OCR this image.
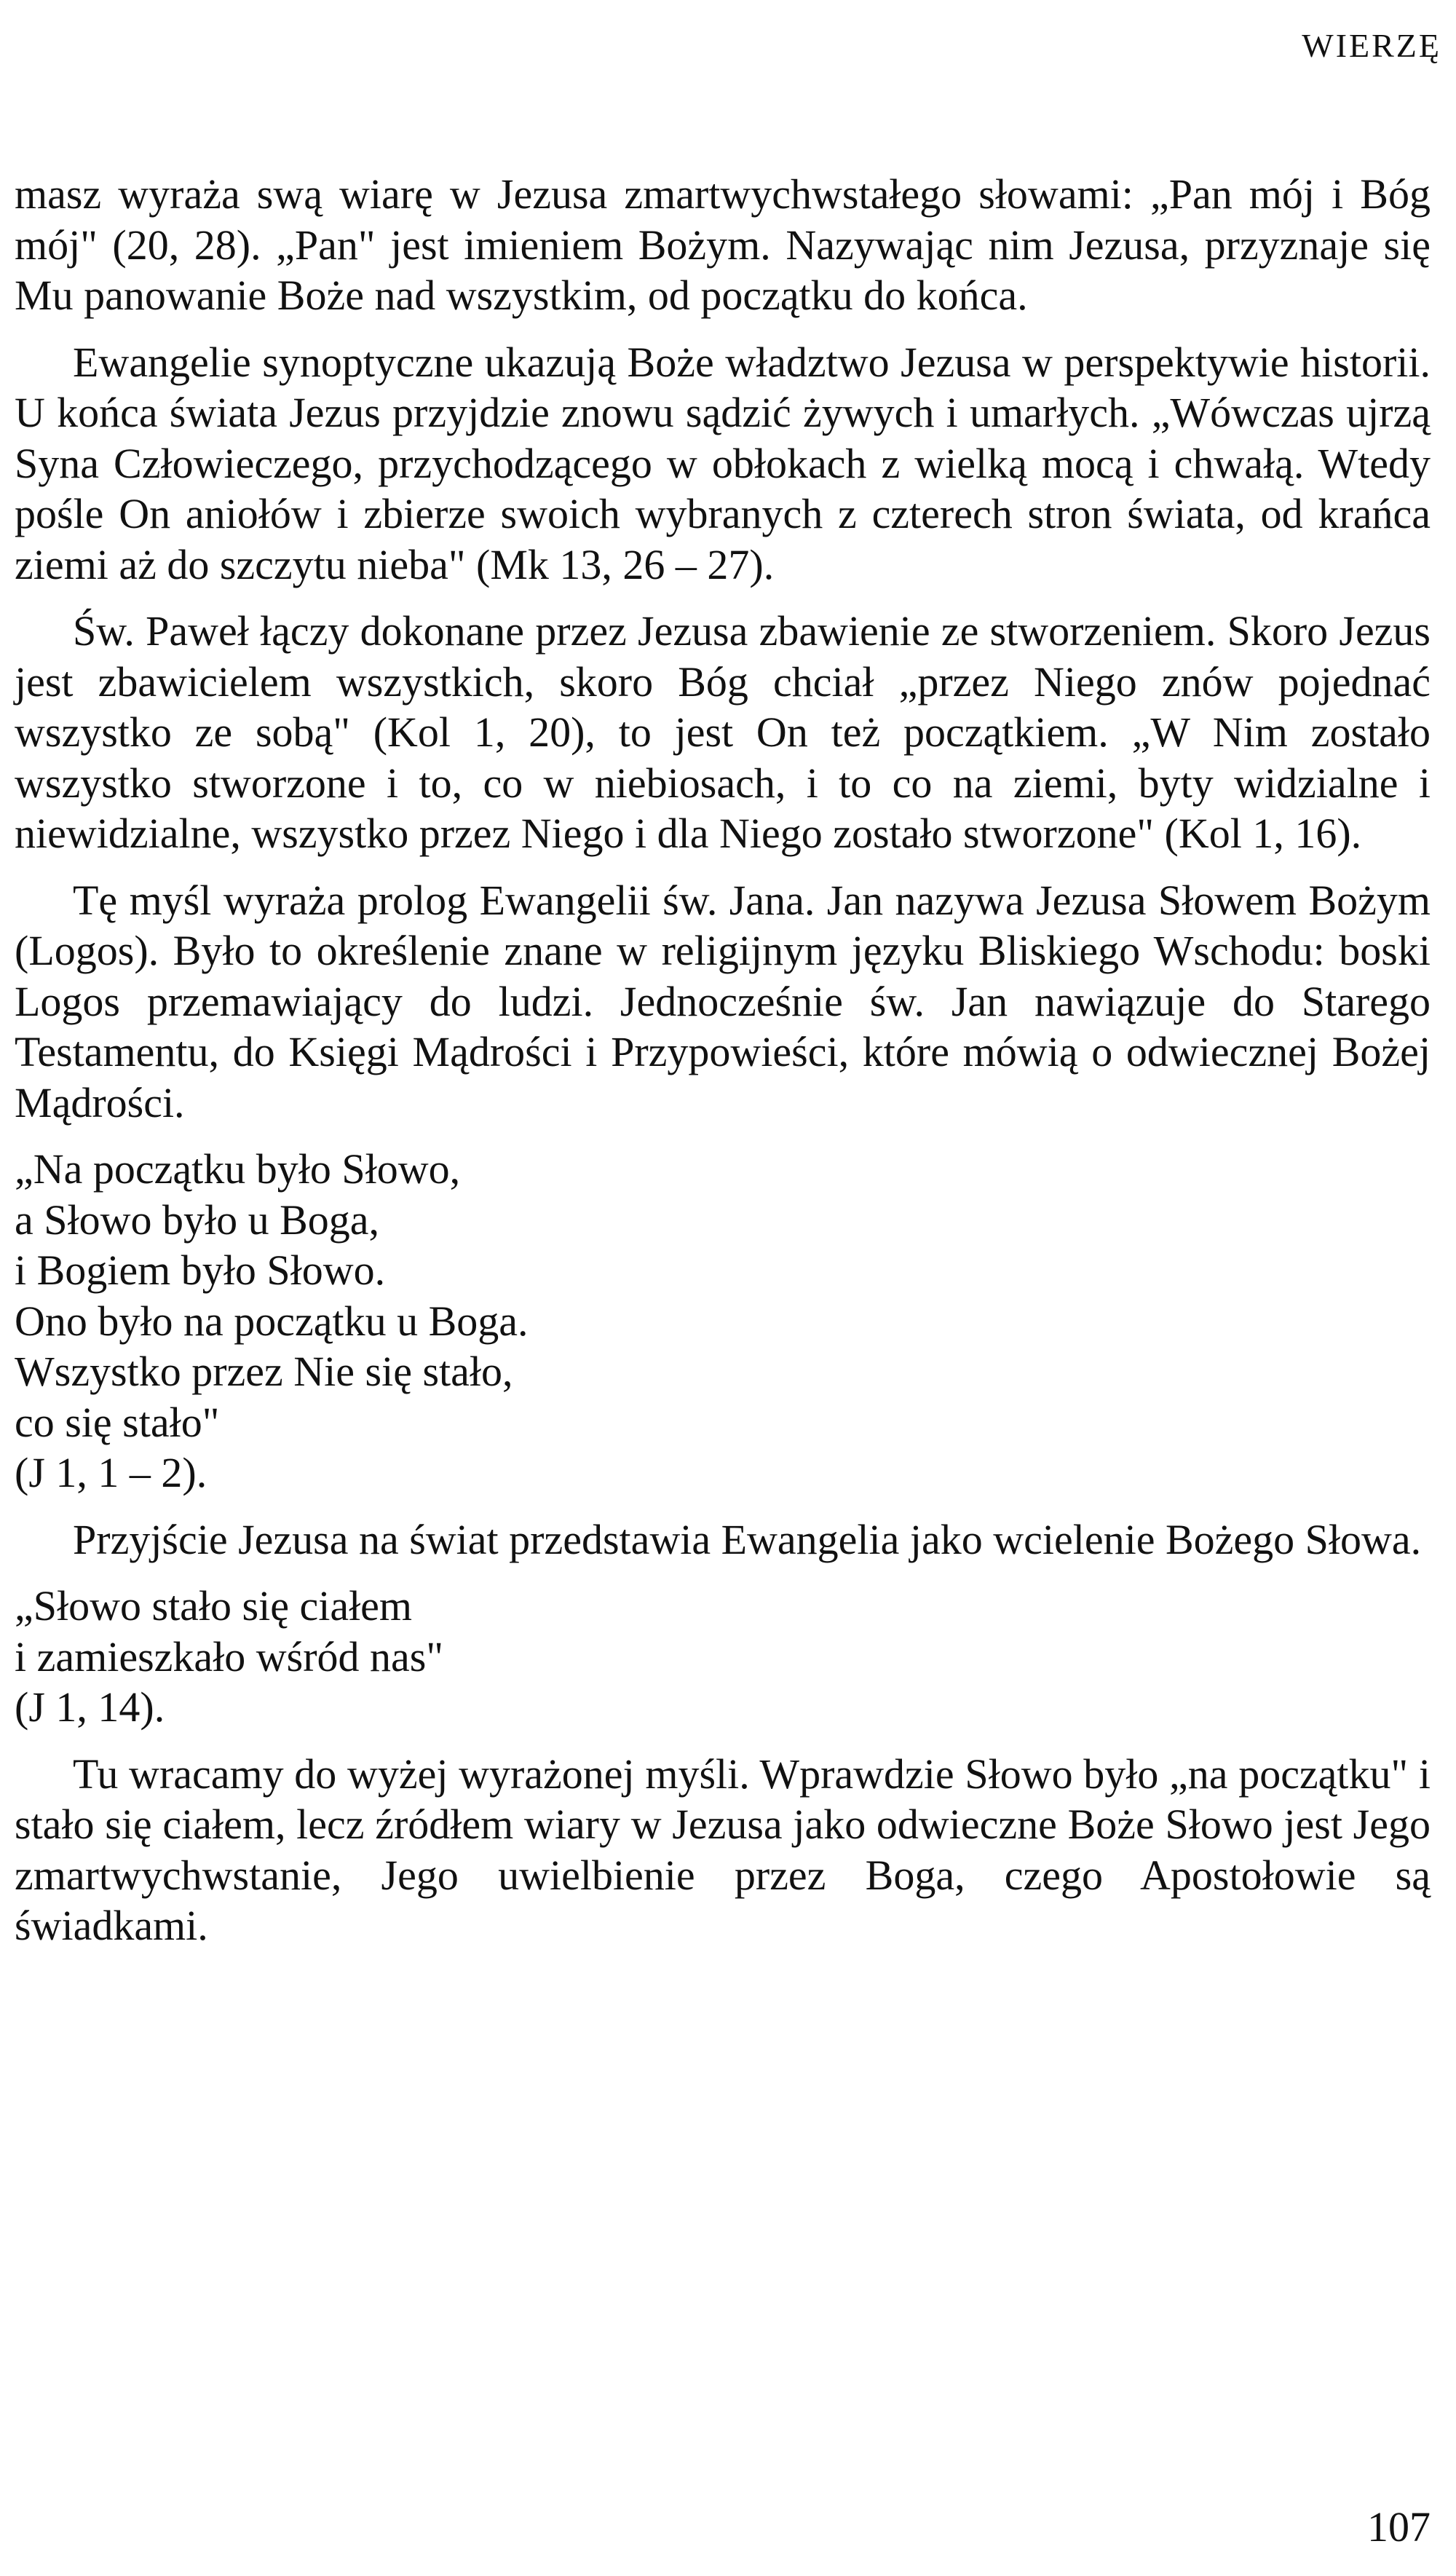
WIERZĘ

masz wyraża swą wiarę w Jezusa zmartwychwstałego słowami: „Pan mój i Bóg mój" (20, 28). „Pan" jest imieniem Bożym. Nazywając nim Jezusa, przyznaje się Mu panowanie Boże nad wszystkim, od początku do końca.

Ewangelie synoptyczne ukazują Boże władztwo Jezusa w perspektywie historii. U końca świata Jezus przyjdzie znowu sądzić żywych i umarłych. „Wówczas ujrzą Syna Człowieczego, przychodzącego w obłokach z wielką mocą i chwałą. Wtedy pośle On aniołów i zbierze swoich wybranych z czterech stron świata, od krańca ziemi aż do szczytu nieba" (Mk 13, 26 – 27).

Św. Paweł łączy dokonane przez Jezusa zbawienie ze stworzeniem. Skoro Jezus jest zbawicielem wszystkich, skoro Bóg chciał „przez Niego znów pojednać wszystko ze sobą" (Kol 1, 20), to jest On też początkiem. „W Nim zostało wszystko stworzone i to, co w niebiosach, i to co na ziemi, byty widzialne i niewidzialne, wszystko przez Niego i dla Niego zostało stworzone" (Kol 1, 16).

Tę myśl wyraża prolog Ewangelii św. Jana. Jan nazywa Jezusa Słowem Bożym (Logos). Było to określenie znane w religijnym języku Bliskiego Wschodu: boski Logos przemawiający do ludzi. Jednocześnie św. Jan nawiązuje do Starego Testamentu, do Księgi Mądrości i Przypowieści, które mówią o odwiecznej Bożej Mądrości.

„Na początku było Słowo,
a Słowo było u Boga,
i Bogiem było Słowo.
Ono było na początku u Boga.
Wszystko przez Nie się stało,
co się stało"
(J 1, 1 – 2).

Przyjście Jezusa na świat przedstawia Ewangelia jako wcielenie Bożego Słowa.

„Słowo stało się ciałem
i zamieszkało wśród nas"
(J 1, 14).

Tu wracamy do wyżej wyrażonej myśli. Wprawdzie Słowo było „na początku" i stało się ciałem, lecz źródłem wiary w Jezusa jako odwieczne Boże Słowo jest Jego zmartwychwstanie, Jego uwielbienie przez Boga, czego Apostołowie są świadkami.

107
